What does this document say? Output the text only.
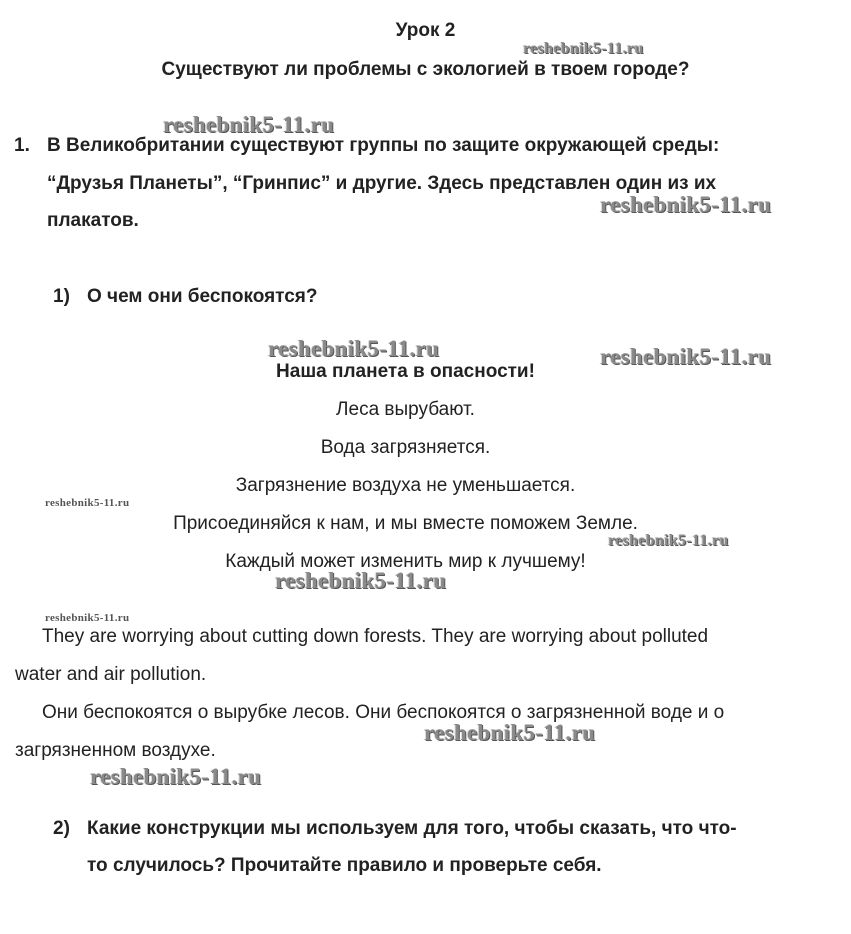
Урок 2
Существуют ли проблемы с экологией в твоем городе?
1. В Великобритании существуют группы по защите окружающей среды:
“Друзья Планеты”, “Гринпис” и другие. Здесь представлен один из их
плакатов.
1) О чем они беспокоятся?
Наша планета в опасности!
Леса вырубают.
Вода загрязняется.
Загрязнение воздуха не уменьшается.
Присоединяйся к нам, и мы вместе поможем Земле.
Каждый может изменить мир к лучшему!
They are worrying about cutting down forests. They are worrying about polluted
water and air pollution.
Они беспокоятся о вырубке лесов. Они беспокоятся о загрязненной воде и о
загрязненном воздухе.
2) Какие конструкции мы используем для того, чтобы сказать, что что-
то случилось? Прочитайте правило и проверьте себя.
reshebnik5-11.ru
reshebnik5-11.ru
reshebnik5-11.ru
reshebnik5-11.ru	reshebnik5-11.ru
reshebnik5-11.ru
reshebnik5-11.ru
reshebnik5-11.ru
reshebnik5-11.ru
reshebnik5-11.ru
reshebnik5-11.ru
